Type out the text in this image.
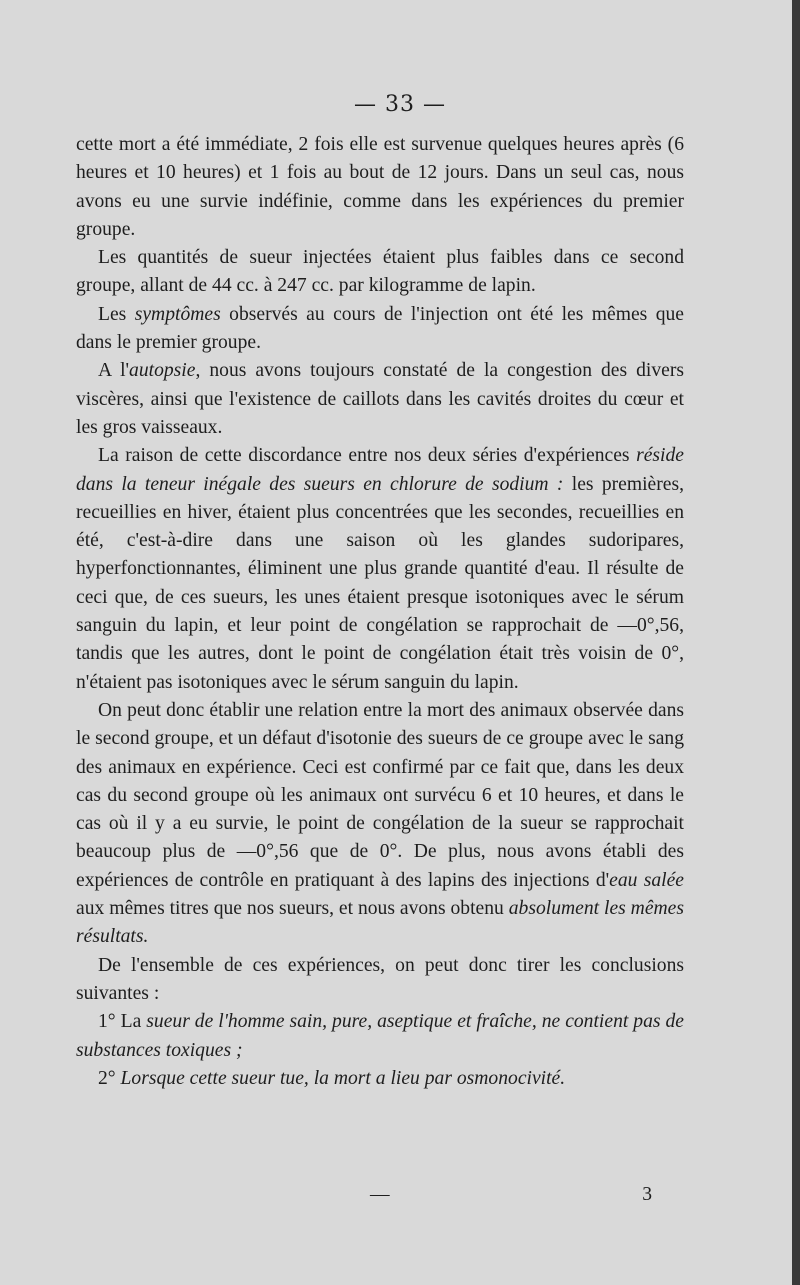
— 33 —

cette mort a été immédiate, 2 fois elle est survenue quelques heures après (6 heures et 10 heures) et 1 fois au bout de 12 jours. Dans un seul cas, nous avons eu une survie indéfinie, comme dans les expériences du premier groupe.

Les quantités de sueur injectées étaient plus faibles dans ce second groupe, allant de 44 cc. à 247 cc. par kilogramme de lapin.

Les symptômes observés au cours de l'injection ont été les mêmes que dans le premier groupe.

A l'autopsie, nous avons toujours constaté de la congestion des divers viscères, ainsi que l'existence de caillots dans les cavités droites du cœur et les gros vaisseaux.

La raison de cette discordance entre nos deux séries d'expériences réside dans la teneur inégale des sueurs en chlorure de sodium : les premières, recueillies en hiver, étaient plus concentrées que les secondes, recueillies en été, c'est-à-dire dans une saison où les glandes sudoripares, hyperfonctionnantes, éliminent une plus grande quantité d'eau. Il résulte de ceci que, de ces sueurs, les unes étaient presque isotoniques avec le sérum sanguin du lapin, et leur point de congélation se rapprochait de —0°,56, tandis que les autres, dont le point de congélation était très voisin de 0°, n'étaient pas isotoniques avec le sérum sanguin du lapin.

On peut donc établir une relation entre la mort des animaux observée dans le second groupe, et un défaut d'isotonie des sueurs de ce groupe avec le sang des animaux en expérience. Ceci est confirmé par ce fait que, dans les deux cas du second groupe où les animaux ont survécu 6 et 10 heures, et dans le cas où il y a eu survie, le point de congélation de la sueur se rapprochait beaucoup plus de —0°,56 que de 0°. De plus, nous avons établi des expériences de contrôle en pratiquant à des lapins des injections d'eau salée aux mêmes titres que nos sueurs, et nous avons obtenu absolument les mêmes résultats.

De l'ensemble de ces expériences, on peut donc tirer les conclusions suivantes :

1° La sueur de l'homme sain, pure, aseptique et fraîche, ne contient pas de substances toxiques ;

2° Lorsque cette sueur tue, la mort a lieu par osmonocivité.

—	3
